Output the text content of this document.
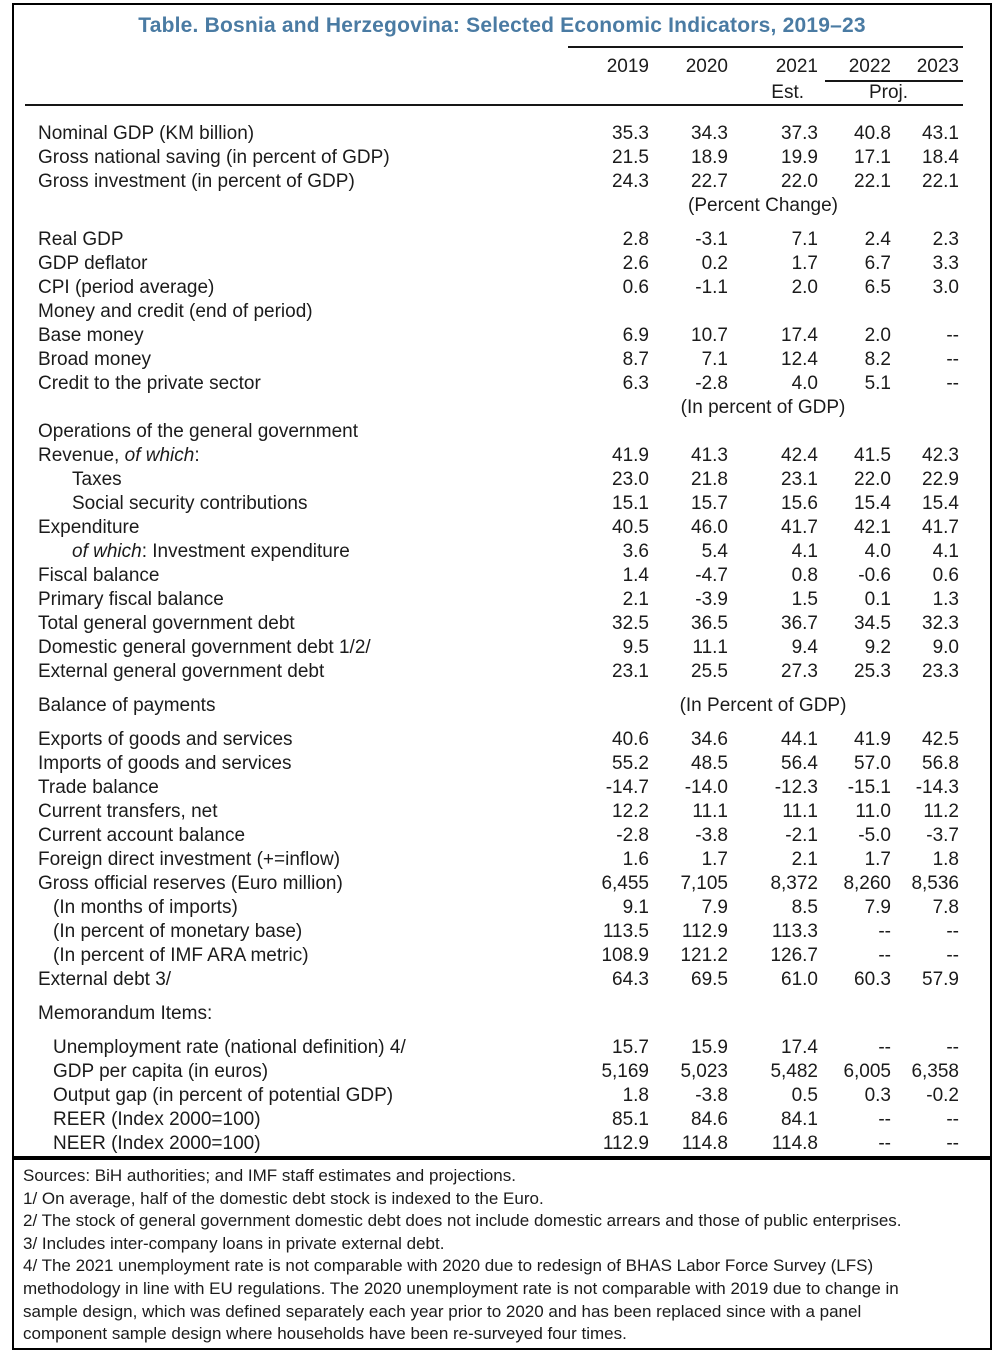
Table. Bosnia and Herzegovina: Selected Economic Indicators, 2019–23
2019	2020	2021	2022	2023
Est.	Proj.
Nominal GDP (KM billion)	35.3	34.3	37.3	40.8	43.1
Gross national saving (in percent of GDP)	21.5	18.9	19.9	17.1	18.4
Gross investment (in percent of GDP)	24.3	22.7	22.0	22.1	22.1
(Percent Change)
Real GDP	2.8	-3.1	7.1	2.4	2.3
GDP deflator	2.6	0.2	1.7	6.7	3.3
CPI (period average)	0.6	-1.1	2.0	6.5	3.0
Money and credit (end of period)
Base money	6.9	10.7	17.4	2.0	--
Broad money	8.7	7.1	12.4	8.2	--
Credit to the private sector	6.3	-2.8	4.0	5.1	--
(In percent of GDP)
Operations of the general government
Revenue, of which:	41.9	41.3	42.4	41.5	42.3
Taxes	23.0	21.8	23.1	22.0	22.9
Social security contributions	15.1	15.7	15.6	15.4	15.4
Expenditure	40.5	46.0	41.7	42.1	41.7
of which: Investment expenditure	3.6	5.4	4.1	4.0	4.1
Fiscal balance	1.4	-4.7	0.8	-0.6	0.6
Primary fiscal balance	2.1	-3.9	1.5	0.1	1.3
Total general government debt	32.5	36.5	36.7	34.5	32.3
Domestic general government debt 1/2/	9.5	11.1	9.4	9.2	9.0
External general government debt	23.1	25.5	27.3	25.3	23.3
Balance of payments	(In Percent of GDP)
Exports of goods and services	40.6	34.6	44.1	41.9	42.5
Imports of goods and services	55.2	48.5	56.4	57.0	56.8
Trade balance	-14.7	-14.0	-12.3	-15.1	-14.3
Current transfers, net	12.2	11.1	11.1	11.0	11.2
Current account balance	-2.8	-3.8	-2.1	-5.0	-3.7
Foreign direct investment (+=inflow)	1.6	1.7	2.1	1.7	1.8
Gross official reserves (Euro million)	6,455	7,105	8,372	8,260	8,536
(In months of imports)	9.1	7.9	8.5	7.9	7.8
(In percent of monetary base)	113.5	112.9	113.3	--	--
(In percent of IMF ARA metric)	108.9	121.2	126.7	--	--
External debt 3/	64.3	69.5	61.0	60.3	57.9
Memorandum Items:
Unemployment rate (national definition) 4/	15.7	15.9	17.4	--	--
GDP per capita (in euros)	5,169	5,023	5,482	6,005	6,358
Output gap (in percent of potential GDP)	1.8	-3.8	0.5	0.3	-0.2
REER (Index 2000=100)	85.1	84.6	84.1	--	--
NEER (Index 2000=100)	112.9	114.8	114.8	--	--
Sources: BiH authorities; and IMF staff estimates and projections.
1/ On average, half of the domestic debt stock is indexed to the Euro.
2/ The stock of general government domestic debt does not include domestic arrears and those of public enterprises.
3/ Includes inter-company loans in private external debt.
4/ The 2021 unemployment rate is not comparable with 2020 due to redesign of BHAS Labor Force Survey (LFS)
methodology in line with EU regulations. The 2020 unemployment rate is not comparable with 2019 due to change in
sample design, which was defined separately each year prior to 2020 and has been replaced since with a panel
component sample design where households have been re-surveyed four times.
